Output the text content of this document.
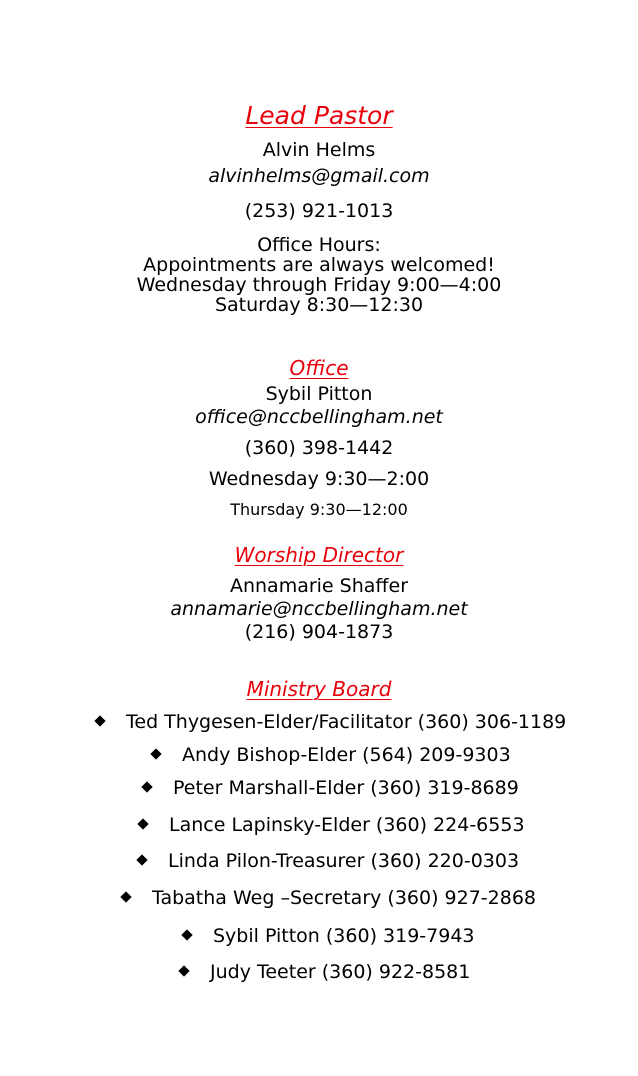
Lead Pastor
Alvin Helms
alvinhelms@gmail.com
(253) 921-1013
Office Hours:
Appointments are always welcomed!
Wednesday through Friday 9:00—4:00
Saturday 8:30—12:30
Office
Sybil Pitton
office@nccbellingham.net
(360) 398-1442
Wednesday 9:30—2:00
Thursday 9:30—12:00
Worship Director
Annamarie Shaffer
annamarie@nccbellingham.net
(216) 904-1873
Ministry Board
Ted Thygesen-Elder/Facilitator (360) 306-1189
Andy Bishop-Elder (564) 209-9303
Peter Marshall-Elder (360) 319-8689
Lance Lapinsky-Elder (360) 224-6553
Linda Pilon-Treasurer (360) 220-0303
Tabatha Weg –Secretary (360) 927-2868
Sybil Pitton (360) 319-7943
Judy Teeter (360) 922-8581
